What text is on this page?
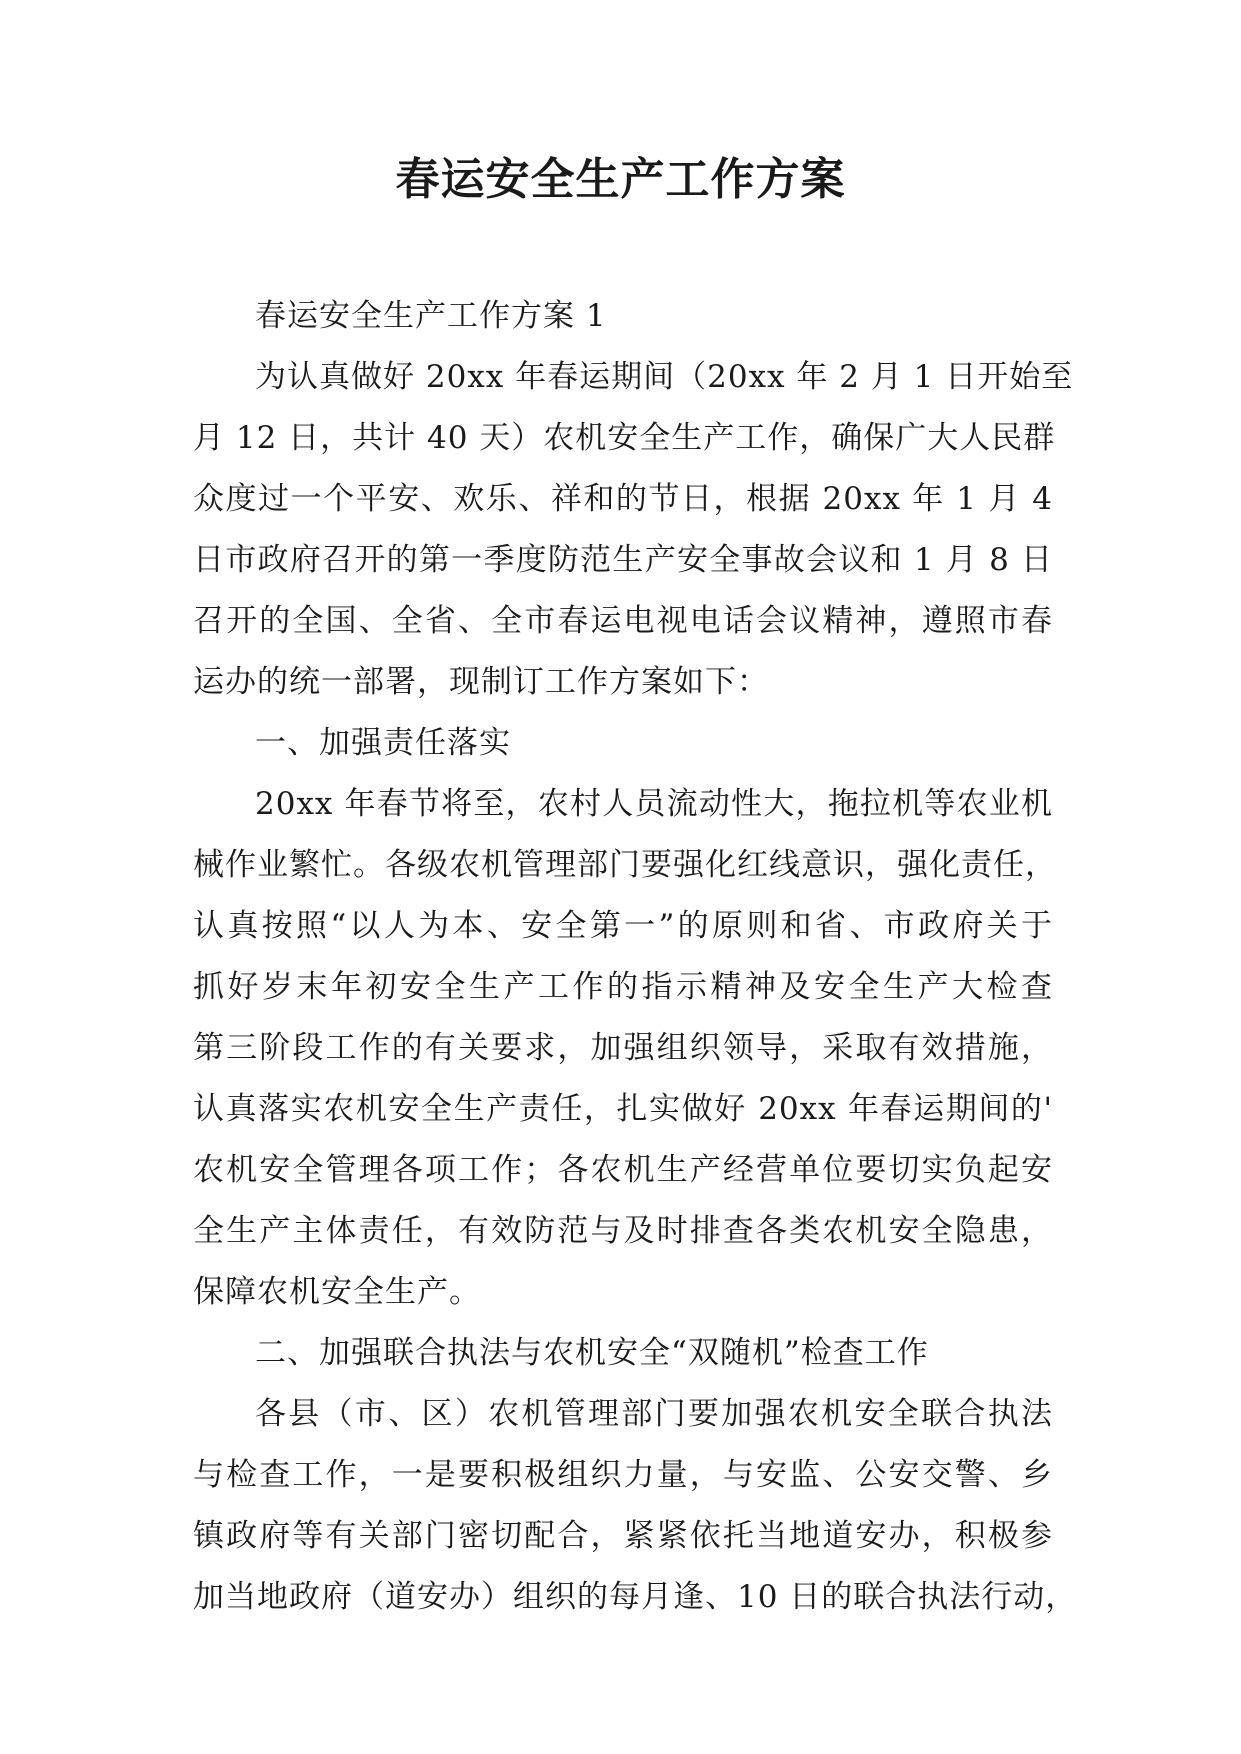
春运安全生产工作方案
春运安全生产工作方案 1
为认真做好 20xx 年春运期间（20xx 年 2 月 1 日开始至
月 12 日，共计 40 天）农机安全生产工作，确保广大人民群
众度过一个平安、欢乐、祥和的节日，根据 20xx 年 1 月 4
日市政府召开的第一季度防范生产安全事故会议和 1 月 8 日
召开的全国、全省、全市春运电视电话会议精神，遵照市春
运办的统一部署，现制订工作方案如下：
一、加强责任落实
20xx 年春节将至，农村人员流动性大，拖拉机等农业机
械作业繁忙。各级农机管理部门要强化红线意识，强化责任，
认真按照“以人为本、安全第一”的原则和省、市政府关于
抓好岁末年初安全生产工作的指示精神及安全生产大检查
第三阶段工作的有关要求，加强组织领导，采取有效措施，
认真落实农机安全生产责任，扎实做好 20xx 年春运期间的'
农机安全管理各项工作；各农机生产经营单位要切实负起安
全生产主体责任，有效防范与及时排查各类农机安全隐患，
保障农机安全生产。
二、加强联合执法与农机安全“双随机”检查工作
各县（市、区）农机管理部门要加强农机安全联合执法
与检查工作，一是要积极组织力量，与安监、公安交警、乡
镇政府等有关部门密切配合，紧紧依托当地道安办，积极参
加当地政府（道安办）组织的每月逢、10 日的联合执法行动，
